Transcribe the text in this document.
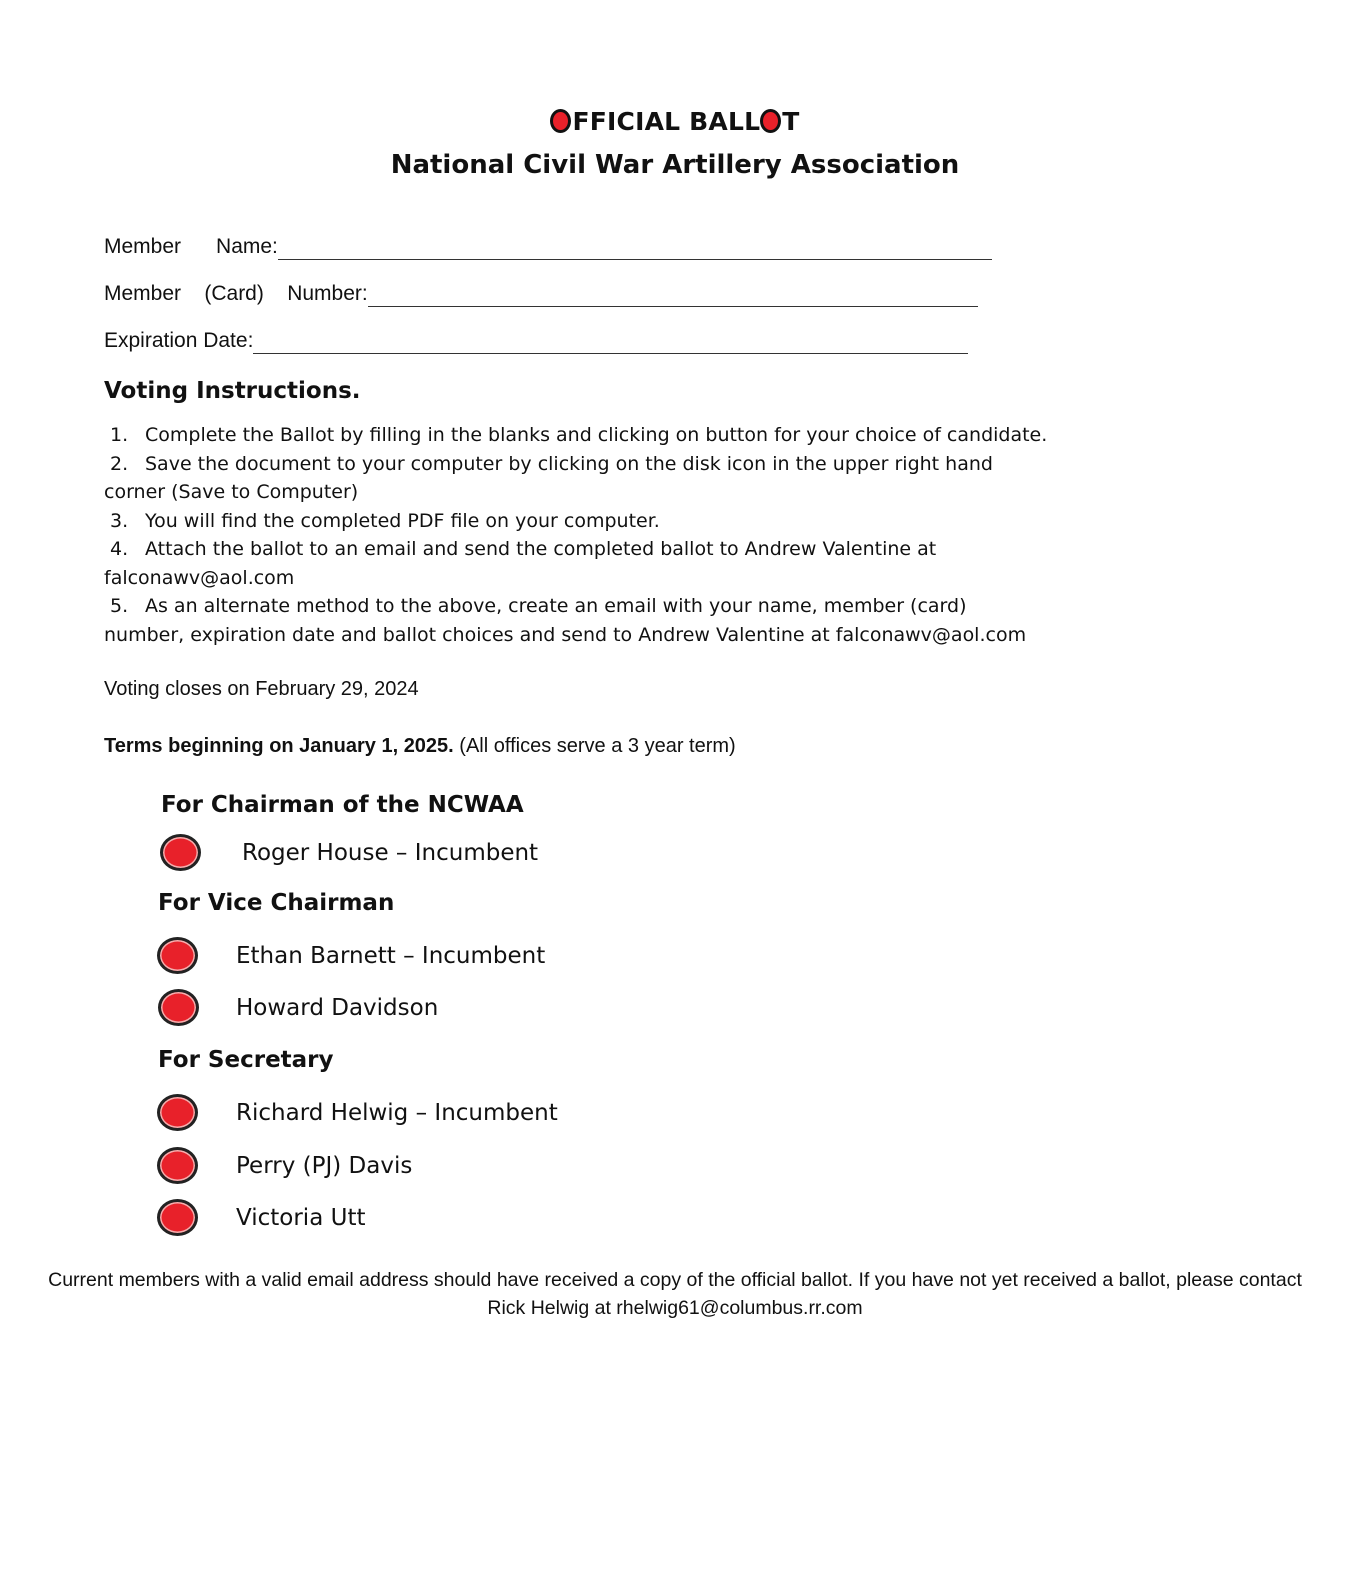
FFICIAL BALL T
National Civil War Artillery Association
Member      Name:
Member    (Card)    Number:
Expiration Date:
Voting Instructions.
1. Complete the Ballot by filling in the blanks and clicking on button for your choice of candidate.
2. Save the document to your computer by clicking on the disk icon in the upper right hand
corner (Save to Computer)
3. You will find the completed PDF file on your computer.
4. Attach the ballot to an email and send the completed ballot to Andrew Valentine at
falconawv@aol.com
5. As an alternate method to the above, create an email with your name, member (card)
number, expiration date and ballot choices and send to Andrew Valentine at falconawv@aol.com
Voting closes on February 29, 2024
Terms beginning on January 1, 2025. (All offices serve a 3 year term)
For Chairman of the NCWAA
Roger House – Incumbent
For Vice Chairman
Ethan Barnett – Incumbent
Howard Davidson
For Secretary
Richard Helwig – Incumbent
Perry (PJ) Davis
Victoria Utt
Current members with a valid email address should have received a copy of the official ballot. If you have not yet received a ballot, please contact
Rick Helwig at rhelwig61@columbus.rr.com
